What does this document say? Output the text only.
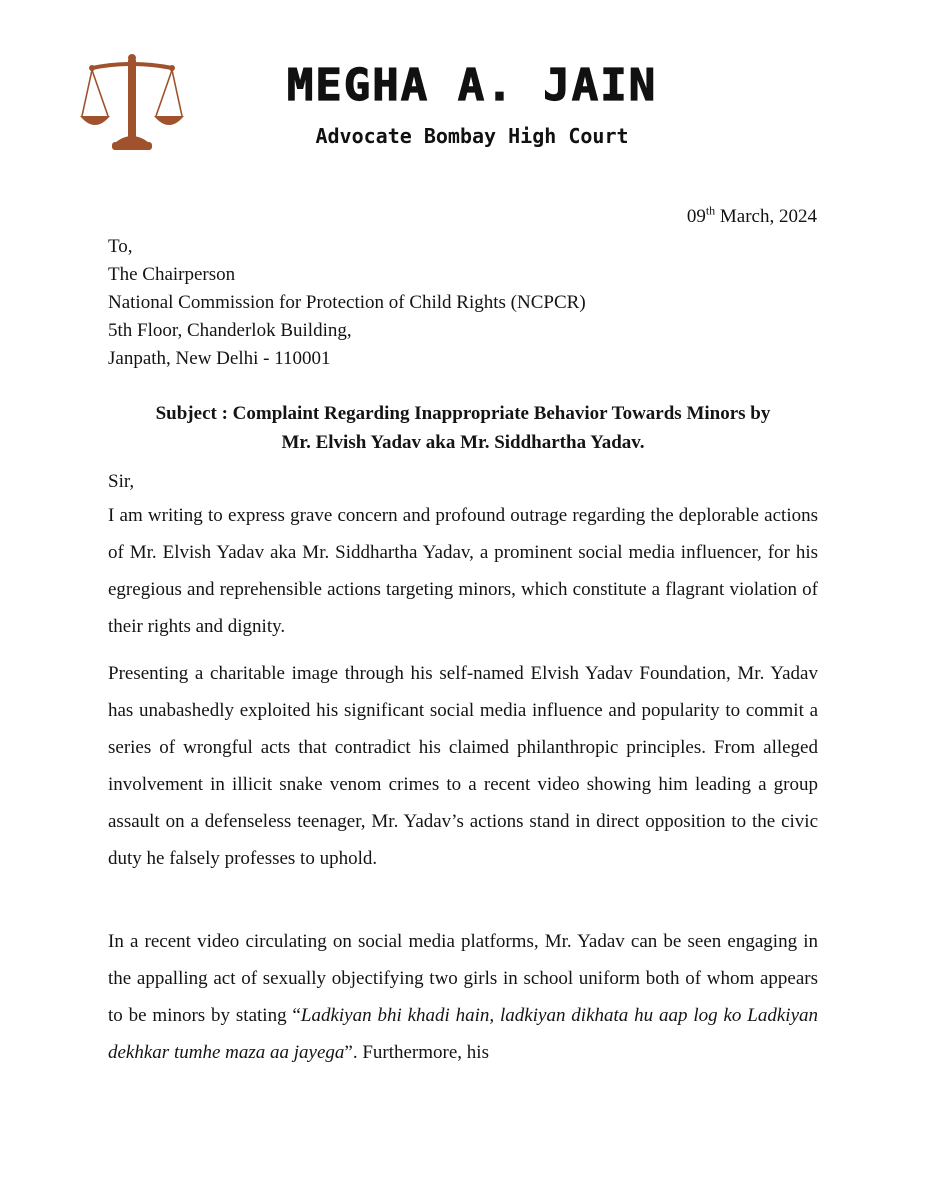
MEGHA A. JAIN
Advocate Bombay High Court
09th March, 2024
To,
The Chairperson
National Commission for Protection of Child Rights (NCPCR)
5th Floor, Chanderlok Building,
Janpath, New Delhi - 110001
Subject : Complaint Regarding Inappropriate Behavior Towards Minors by
Mr. Elvish Yadav aka Mr. Siddhartha Yadav.
Sir,

I am writing to express grave concern and profound outrage regarding the deplorable actions of Mr. Elvish Yadav aka Mr. Siddhartha Yadav, a prominent social media influencer, for his egregious and reprehensible actions targeting minors, which constitute a flagrant violation of their rights and dignity.

Presenting a charitable image through his self-named Elvish Yadav Foundation, Mr. Yadav has unabashedly exploited his significant social media influence and popularity to commit a series of wrongful acts that contradict his claimed philanthropic principles. From alleged involvement in illicit snake venom crimes to a recent video showing him leading a group assault on a defenseless teenager, Mr. Yadav’s actions stand in direct opposition to the civic duty he falsely professes to uphold.

In a recent video circulating on social media platforms, Mr. Yadav can be seen engaging in the appalling act of sexually objectifying two girls in school uniform both of whom appears to be minors by stating “Ladkiyan bhi khadi hain, ladkiyan dikhata hu aap log ko Ladkiyan dekhkar tumhe maza aa jayega”. Furthermore, his
